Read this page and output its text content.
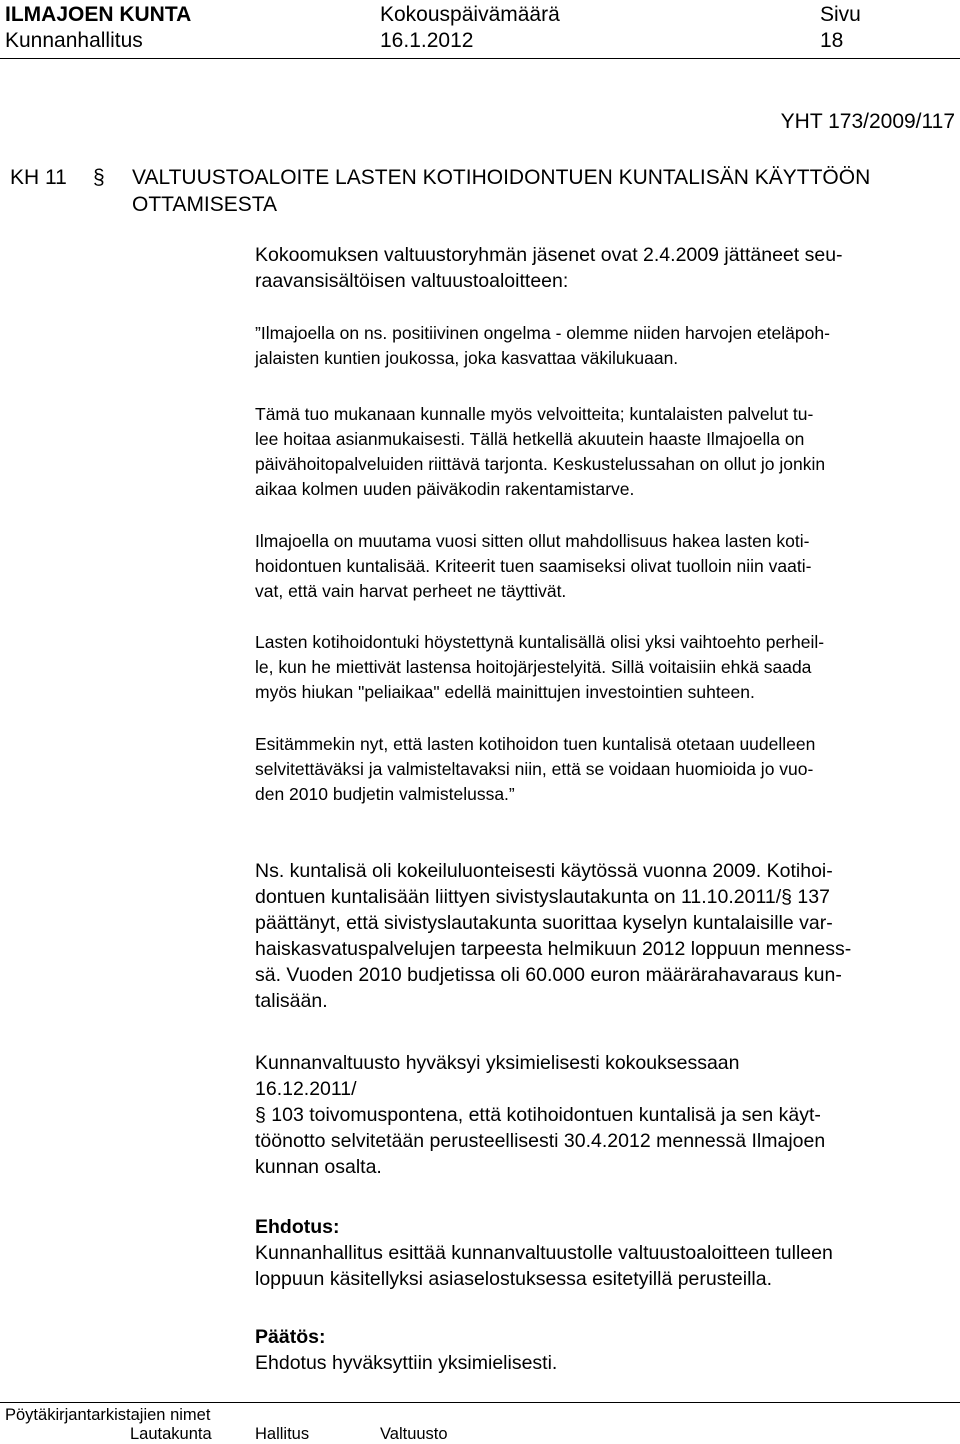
ILMAJOEN KUNTA
Kunnanhallitus
Kokouspäivämäärä
16.1.2012
Sivu
18
YHT 173/2009/117
KH 11 § VALTUUSTOALOITE LASTEN KOTIHOIDONTUEN KUNTALISÄN KÄYTTÖÖN
OTTAMISESTA
Kokoomuksen valtuustoryhmän jäsenet ovat 2.4.2009 jättäneet seu-
raavansisältöisen valtuustoaloitteen:
”Ilmajoella on ns. positiivinen ongelma - olemme niiden harvojen eteläpoh-
jalaisten kuntien joukossa, joka kasvattaa väkilukuaan.
Tämä tuo mukanaan kunnalle myös velvoitteita; kuntalaisten palvelut tu-
lee hoitaa asianmukaisesti. Tällä hetkellä akuutein haaste Ilmajoella on
päivähoitopalveluiden riittävä tarjonta. Keskustelussahan on ollut jo jonkin
aikaa kolmen uuden päiväkodin rakentamistarve.
Ilmajoella on muutama vuosi sitten ollut mahdollisuus hakea lasten koti-
hoidontuen kuntalisää. Kriteerit tuen saamiseksi olivat tuolloin niin vaati-
vat, että vain harvat perheet ne täyttivät.
Lasten kotihoidontuki höystettynä kuntalisällä olisi yksi vaihtoehto perheil-
le, kun he miettivät lastensa hoitojärjestelyitä. Sillä voitaisiin ehkä saada
myös hiukan "peliaikaa" edellä mainittujen investointien suhteen.
Esitämmekin nyt, että lasten kotihoidon tuen kuntalisä otetaan uudelleen
selvitettäväksi ja valmisteltavaksi niin, että se voidaan huomioida jo vuo-
den 2010 budjetin valmistelussa.”
Ns. kuntalisä oli kokeiluluonteisesti käytössä vuonna 2009. Kotihoi-
dontuen kuntalisään liittyen sivistyslautakunta on 11.10.2011/§ 137
päättänyt, että sivistyslautakunta suorittaa kyselyn kuntalaisille var-
haiskasvatuspalvelujen tarpeesta helmikuun 2012 loppuun menness-
sä. Vuoden 2010 budjetissa oli 60.000 euron määrärahavaraus kun-
talisään.
Kunnanvaltuusto hyväksyi yksimielisesti kokouksessaan
16.12.2011/
§ 103 toivomuspontena, että kotihoidontuen kuntalisä ja sen käyt-
töönotto selvitetään perusteellisesti 30.4.2012 mennessä Ilmajoen
kunnan osalta.
Ehdotus:
Kunnanhallitus esittää kunnanvaltuustolle valtuustoaloitteen tulleen
loppuun käsitellyksi asiaselostuksessa esitetyillä perusteilla.
Päätös:
Ehdotus hyväksyttiin yksimielisesti.
Pöytäkirjantarkistajien nimet
Lautakunta	Hallitus	Valtuusto
